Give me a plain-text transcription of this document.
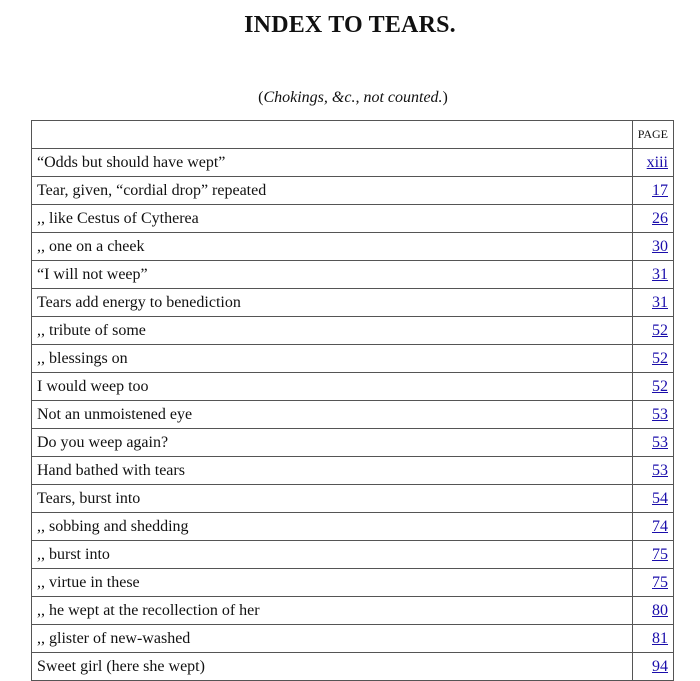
INDEX TO TEARS.

(Chokings, &c., not counted.)

	PAGE
“Odds but should have wept”	xiii
Tear, given, “cordial drop” repeated	17
,, like Cestus of Cytherea	26
,, one on a cheek	30
“I will not weep”	31
Tears add energy to benediction	31
,, tribute of some	52
,, blessings on	52
I would weep too	52
Not an unmoistened eye	53
Do you weep again?	53
Hand bathed with tears	53
Tears, burst into	54
,, sobbing and shedding	74
,, burst into	75
,, virtue in these	75
,, he wept at the recollection of her	80
,, glister of new-washed	81
Sweet girl (here she wept)	94
